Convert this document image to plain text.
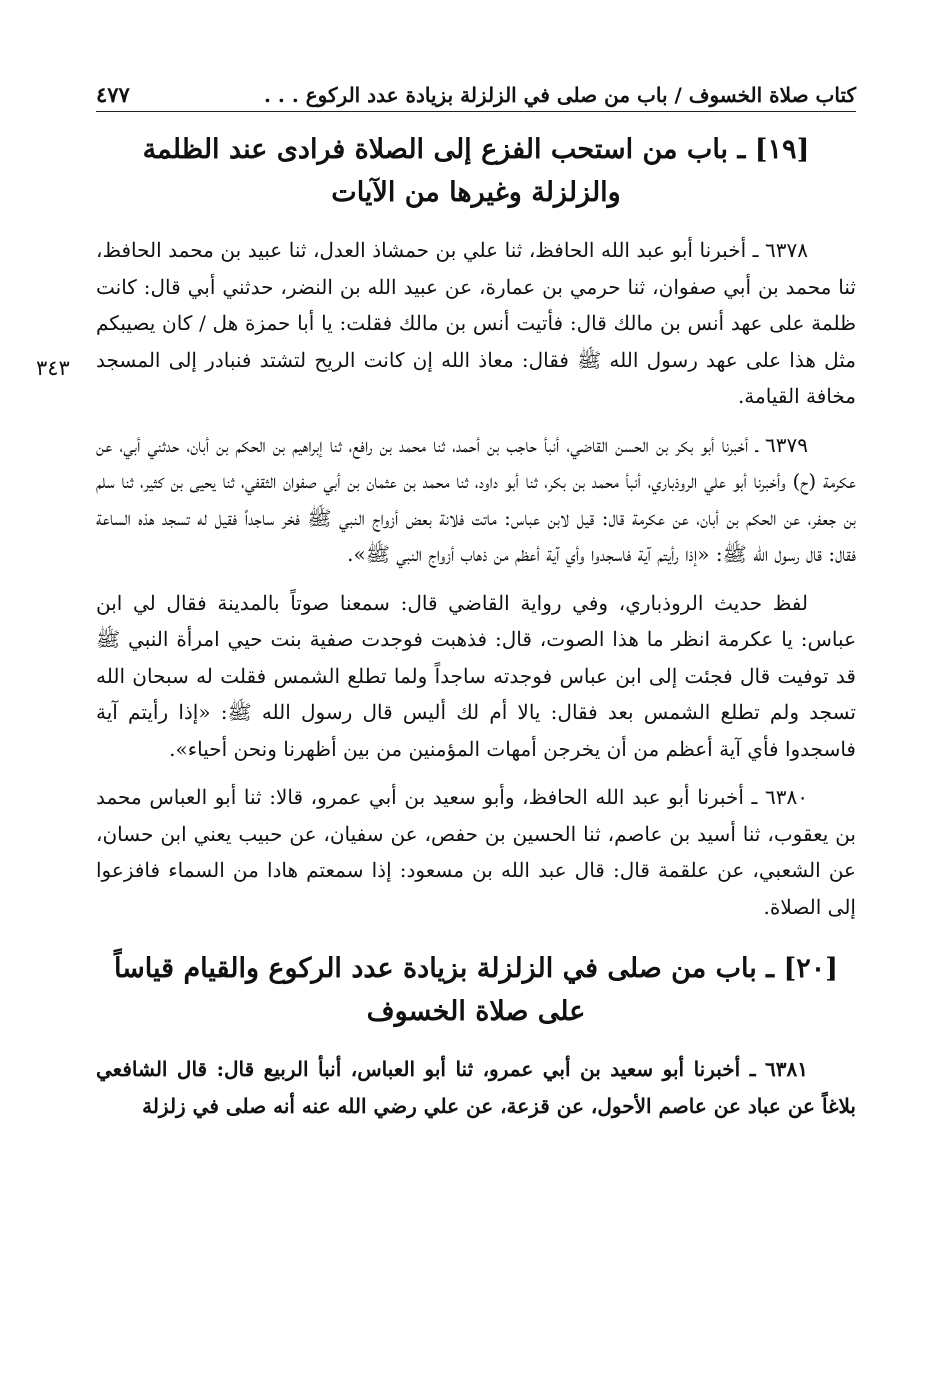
كتاب صلاة الخسوف / باب من صلى في الزلزلة بزيادة عدد الركوع . . .
٤٧٧
٣٤٣
[١٩] ـ باب من استحب الفزع إلى الصلاة فرادى عند الظلمة والزلزلة وغيرها من الآيات

٦٣٧٨ ـ أخبرنا أبو عبد الله الحافظ، ثنا علي بن حمشاذ العدل، ثنا عبيد بن محمد الحافظ، ثنا محمد بن أبي صفوان، ثنا حرمي بن عمارة، عن عبيد الله بن النضر، حدثني أبي قال: كانت ظلمة على عهد أنس بن مالك قال: فأتيت أنس بن مالك فقلت: يا أبا حمزة هل / كان يصيبكم مثل هذا على عهد رسول الله ﷺ فقال: معاذ الله إن كانت الريح لتشتد فنبادر إلى المسجد مخافة القيامة.

٦٣٧٩ ـ أخبرنا أبو بكر بن الحسن القاضي، أنبأ حاجب بن أحمد، ثنا محمد بن رافع، ثنا إبراهيم بن الحكم بن أبان، حدثني أبي، عن عكرمة (ح) وأخبرنا أبو علي الروذباري، أنبأ محمد بن بكر، ثنا أبو داود، ثنا محمد بن عثمان بن أبي صفوان الثقفي، ثنا يحيى بن كثير، ثنا سلم بن جعفر، عن الحكم بن أبان، عن عكرمة قال: قيل لابن عباس: ماتت فلانة بعض أزواج النبي ﷺ فخر ساجداً فقيل له تسجد هذه الساعة فقال: قال رسول الله ﷺ: «إذا رأيتم آية فاسجدوا وأي آية أعظم من ذهاب أزواج النبي ﷺ».

لفظ حديث الروذباري، وفي رواية القاضي قال: سمعنا صوتاً بالمدينة فقال لي ابن عباس: يا عكرمة انظر ما هذا الصوت، قال: فذهبت فوجدت صفية بنت حيي امرأة النبي ﷺ قد توفيت قال فجئت إلى ابن عباس فوجدته ساجداً ولما تطلع الشمس فقلت له سبحان الله تسجد ولم تطلع الشمس بعد فقال: يالا أم لك أليس قال رسول الله ﷺ: «إذا رأيتم آية فاسجدوا فأي آية أعظم من أن يخرجن أمهات المؤمنين من بين أظهرنا ونحن أحياء».

٦٣٨٠ ـ أخبرنا أبو عبد الله الحافظ، وأبو سعيد بن أبي عمرو، قالا: ثنا أبو العباس محمد بن يعقوب، ثنا أسيد بن عاصم، ثنا الحسين بن حفص، عن سفيان، عن حبيب يعني ابن حسان، عن الشعبي، عن علقمة قال: قال عبد الله بن مسعود: إذا سمعتم هادا من السماء فافزعوا إلى الصلاة.

[٢٠] ـ باب من صلى في الزلزلة بزيادة عدد الركوع والقيام قياساً على صلاة الخسوف

٦٣٨١ ـ أخبرنا أبو سعيد بن أبي عمرو، ثنا أبو العباس، أنبأ الربيع قال: قال الشافعي بلاغاً عن عباد عن عاصم الأحول، عن قزعة، عن علي رضي الله عنه أنه صلى في زلزلة
